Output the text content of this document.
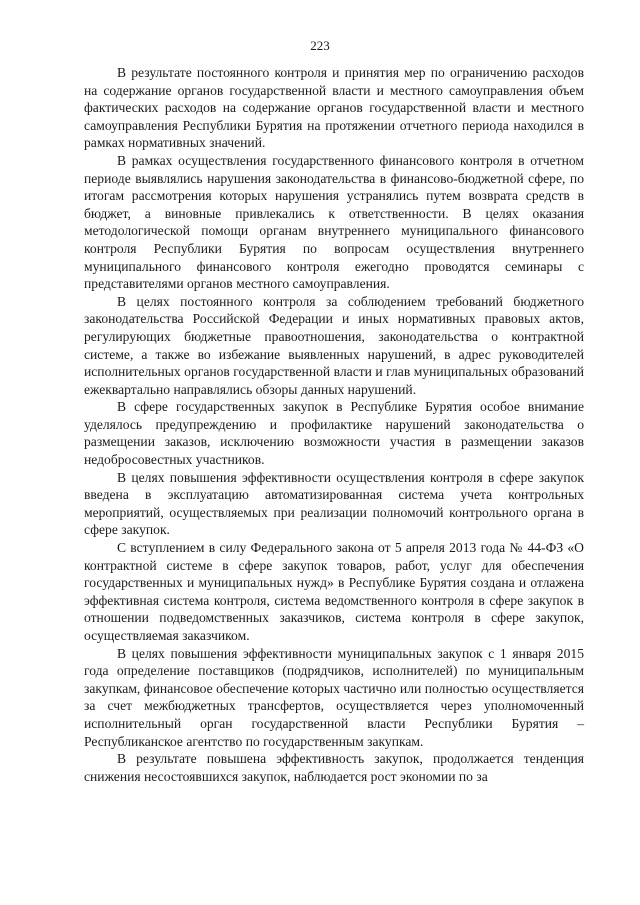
223

В результате постоянного контроля и принятия мер по ограничению расходов на содержание органов государственной власти и местного самоуправления объем фактических расходов на содержание органов государственной власти и местного самоуправления Республики Бурятия на протяжении отчетного периода находился в рамках нормативных значений.

В рамках осуществления государственного финансового контроля в отчетном периоде выявлялись нарушения законодательства в финансово-бюджетной сфере, по итогам рассмотрения которых нарушения устранялись путем возврата средств в бюджет, а виновные привлекались к ответственности. В целях оказания методологической помощи органам внутреннего муниципального финансового контроля Республики Бурятия по вопросам осуществления внутреннего муниципального финансового контроля ежегодно проводятся семинары с представителями органов местного самоуправления.

В целях постоянного контроля за соблюдением требований бюджетного законодательства Российской Федерации и иных нормативных правовых актов, регулирующих бюджетные правоотношения, законодательства о контрактной системе, а также во избежание выявленных нарушений, в адрес руководителей исполнительных органов государственной власти и глав муниципальных образований ежеквартально направлялись обзоры данных нарушений.

В сфере государственных закупок в Республике Бурятия особое внимание уделялось предупреждению и профилактике нарушений законодательства о размещении заказов, исключению возможности участия в размещении заказов недобросовестных участников.

В целях повышения эффективности осуществления контроля в сфере закупок введена в эксплуатацию автоматизированная система учета контрольных мероприятий, осуществляемых при реализации полномочий контрольного органа в сфере закупок.

С вступлением в силу Федерального закона от 5 апреля 2013 года № 44-ФЗ «О контрактной системе в сфере закупок товаров, работ, услуг для обеспечения государственных и муниципальных нужд» в Республике Бурятия создана и отлажена эффективная система контроля, система ведомственного контроля в сфере закупок в отношении подведомственных заказчиков, система контроля в сфере закупок, осуществляемая заказчиком.

В целях повышения эффективности муниципальных закупок с 1 января 2015 года определение поставщиков (подрядчиков, исполнителей) по муниципальным закупкам, финансовое обеспечение которых частично или полностью осуществляется за счет межбюджетных трансфертов, осуществляется через уполномоченный исполнительный орган государственной власти Республики Бурятия – Республиканское агентство по государственным закупкам.

В результате повышена эффективность закупок, продолжается тенденция снижения несостоявшихся закупок, наблюдается рост экономии по за
